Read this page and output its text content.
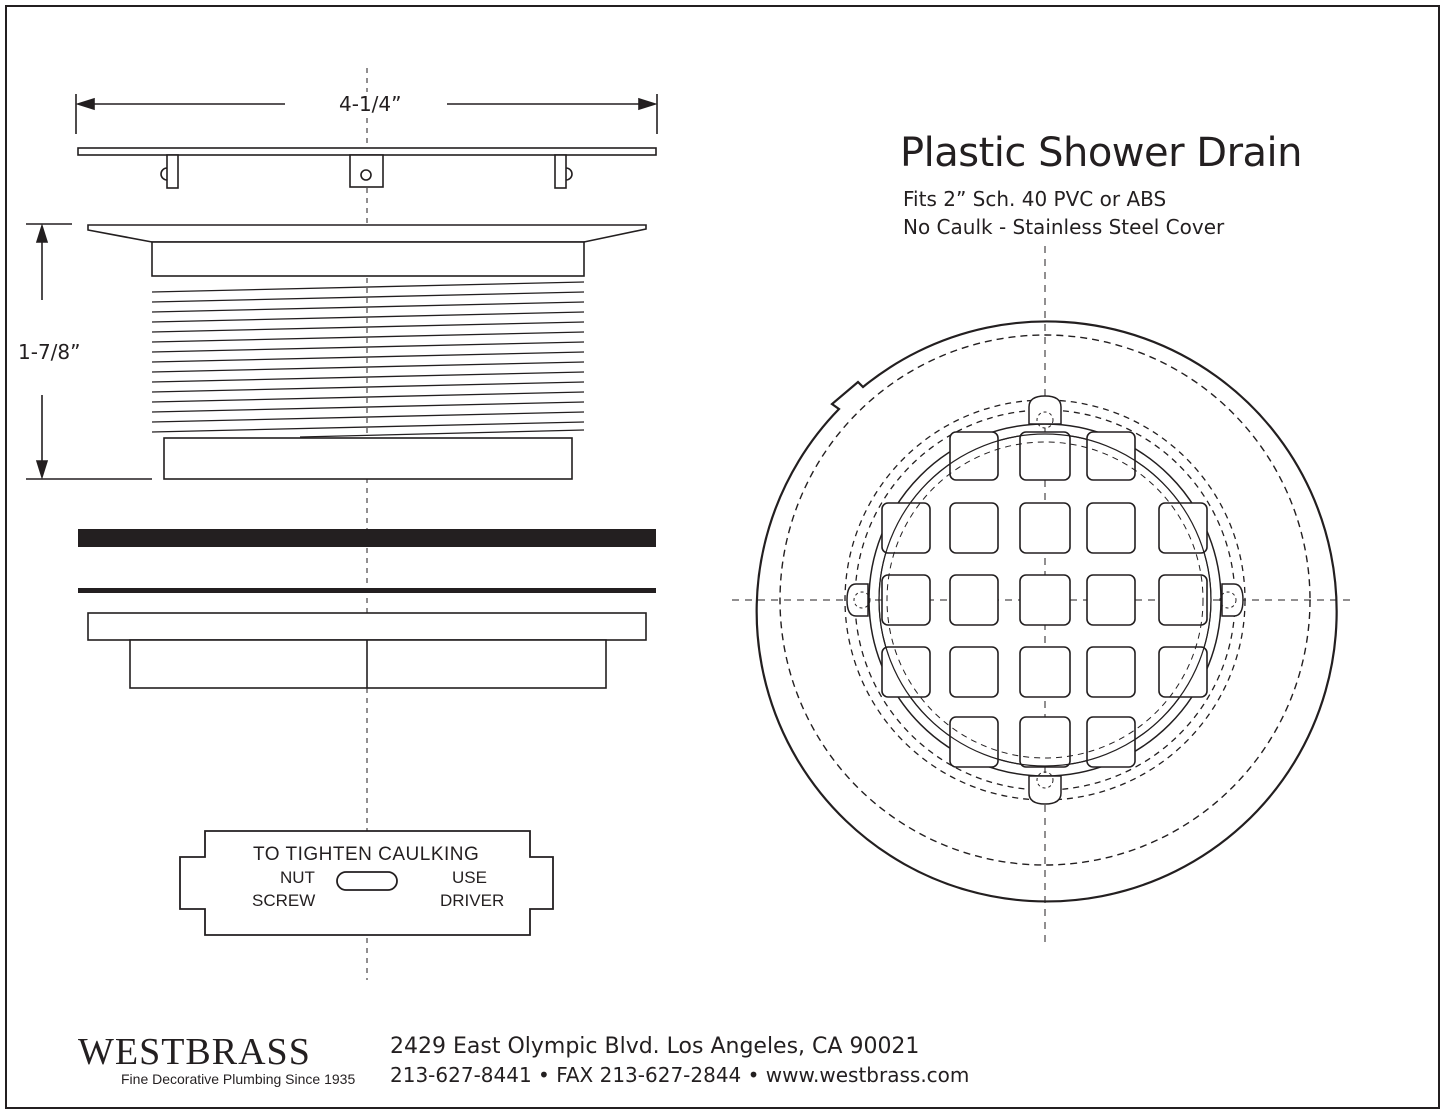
Plastic Shower Drain
Fits 2” Sch. 40 PVC or ABS
No Caulk - Stainless Steel Cover
4-1/4”
1-7/8”
TO TIGHTEN CAULKING
NUT	USE
SCREW	DRIVER
WESTBRASS
Fine Decorative Plumbing Since 1935
2429 East Olympic Blvd. Los Angeles, CA 90021
213-627-8441 • FAX 213-627-2844 • www.westbrass.com
